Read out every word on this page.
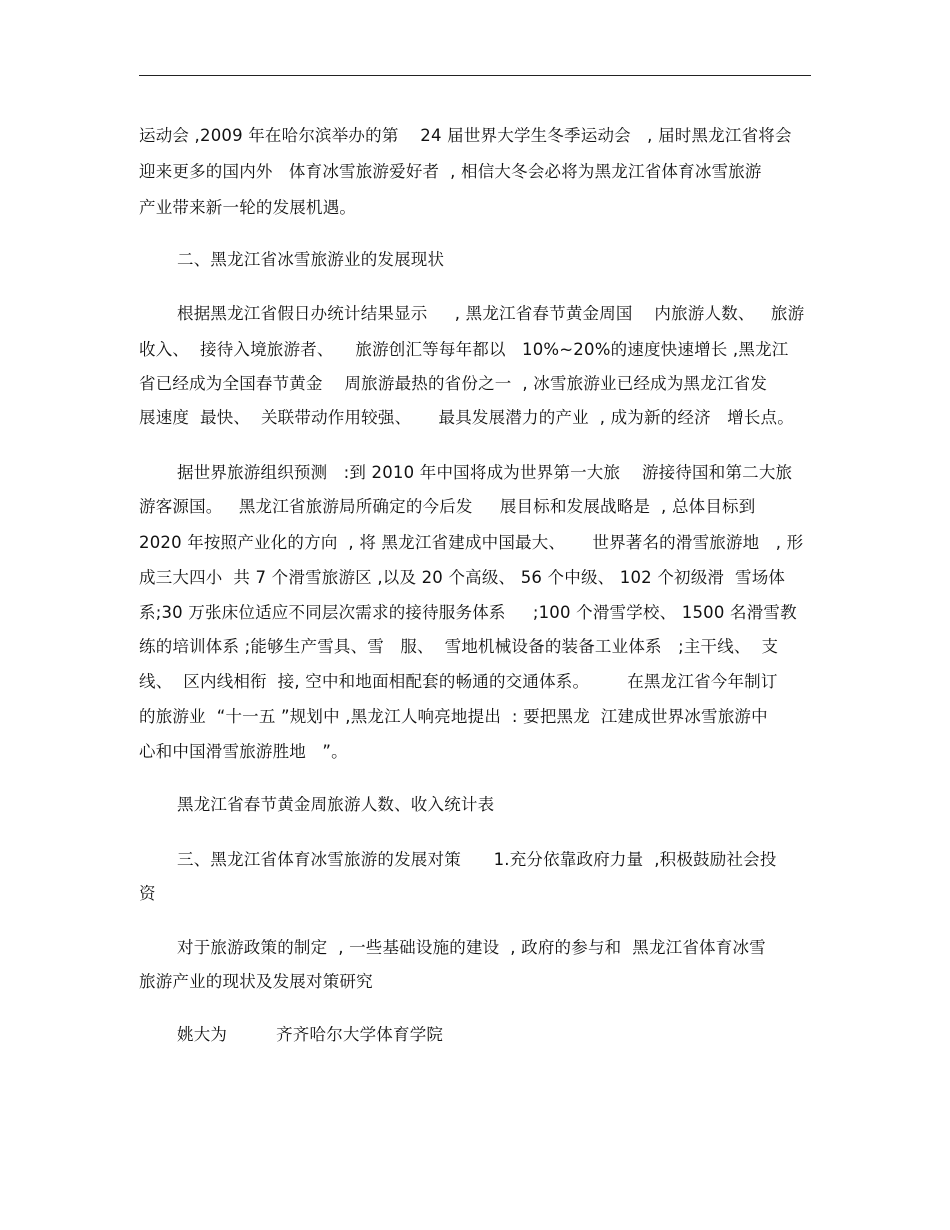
运动会 ,2009 年在哈尔滨举办的第    24 届世界大学生冬季运动会   , 届时黑龙江省将会
迎来更多的国内外   体育冰雪旅游爱好者  , 相信大冬会必将为黑龙江省体育冰雪旅游
产业带来新一轮的发展机遇。
二、黑龙江省冰雪旅游业的发展现状
根据黑龙江省假日办统计结果显示     , 黑龙江省春节黄金周国    内旅游人数、   旅游
收入、  接待入境旅游者、    旅游创汇等每年都以   10%~20%的速度快速增长 ,黑龙江
省已经成为全国春节黄金    周旅游最热的省份之一  , 冰雪旅游业已经成为黑龙江省发
展速度  最快、  关联带动作用较强、     最具发展潜力的产业  , 成为新的经济   增长点。
据世界旅游组织预测   :到 2010 年中国将成为世界第一大旅    游接待国和第二大旅
游客源国。   黑龙江省旅游局所确定的今后发     展目标和发展战略是  , 总体目标到
2020 年按照产业化的方向  , 将 黑龙江省建成中国最大、     世界著名的滑雪旅游地   , 形
成三大四小  共 7 个滑雪旅游区 ,以及 20 个高级、 56 个中级、 102 个初级滑  雪场体
系;30 万张床位适应不同层次需求的接待服务体系     ;100 个滑雪学校、 1500 名滑雪教
练的培训体系 ;能够生产雪具、雪   服、  雪地机械设备的装备工业体系   ;主干线、  支
线、  区内线相衔  接, 空中和地面相配套的畅通的交通体系。       在黑龙江省今年制订
的旅游业  “十一五 ”规划中 ,黑龙江人响亮地提出  : 要把黑龙  江建成世界冰雪旅游中
心和中国滑雪旅游胜地   ”。
黑龙江省春节黄金周旅游人数、收入统计表
三、黑龙江省体育冰雪旅游的发展对策      1.充分依靠政府力量  ,积极鼓励社会投
资
对于旅游政策的制定  , 一些基础设施的建设  , 政府的参与和  黑龙江省体育冰雪
旅游产业的现状及发展对策研究
姚大为         齐齐哈尔大学体育学院
